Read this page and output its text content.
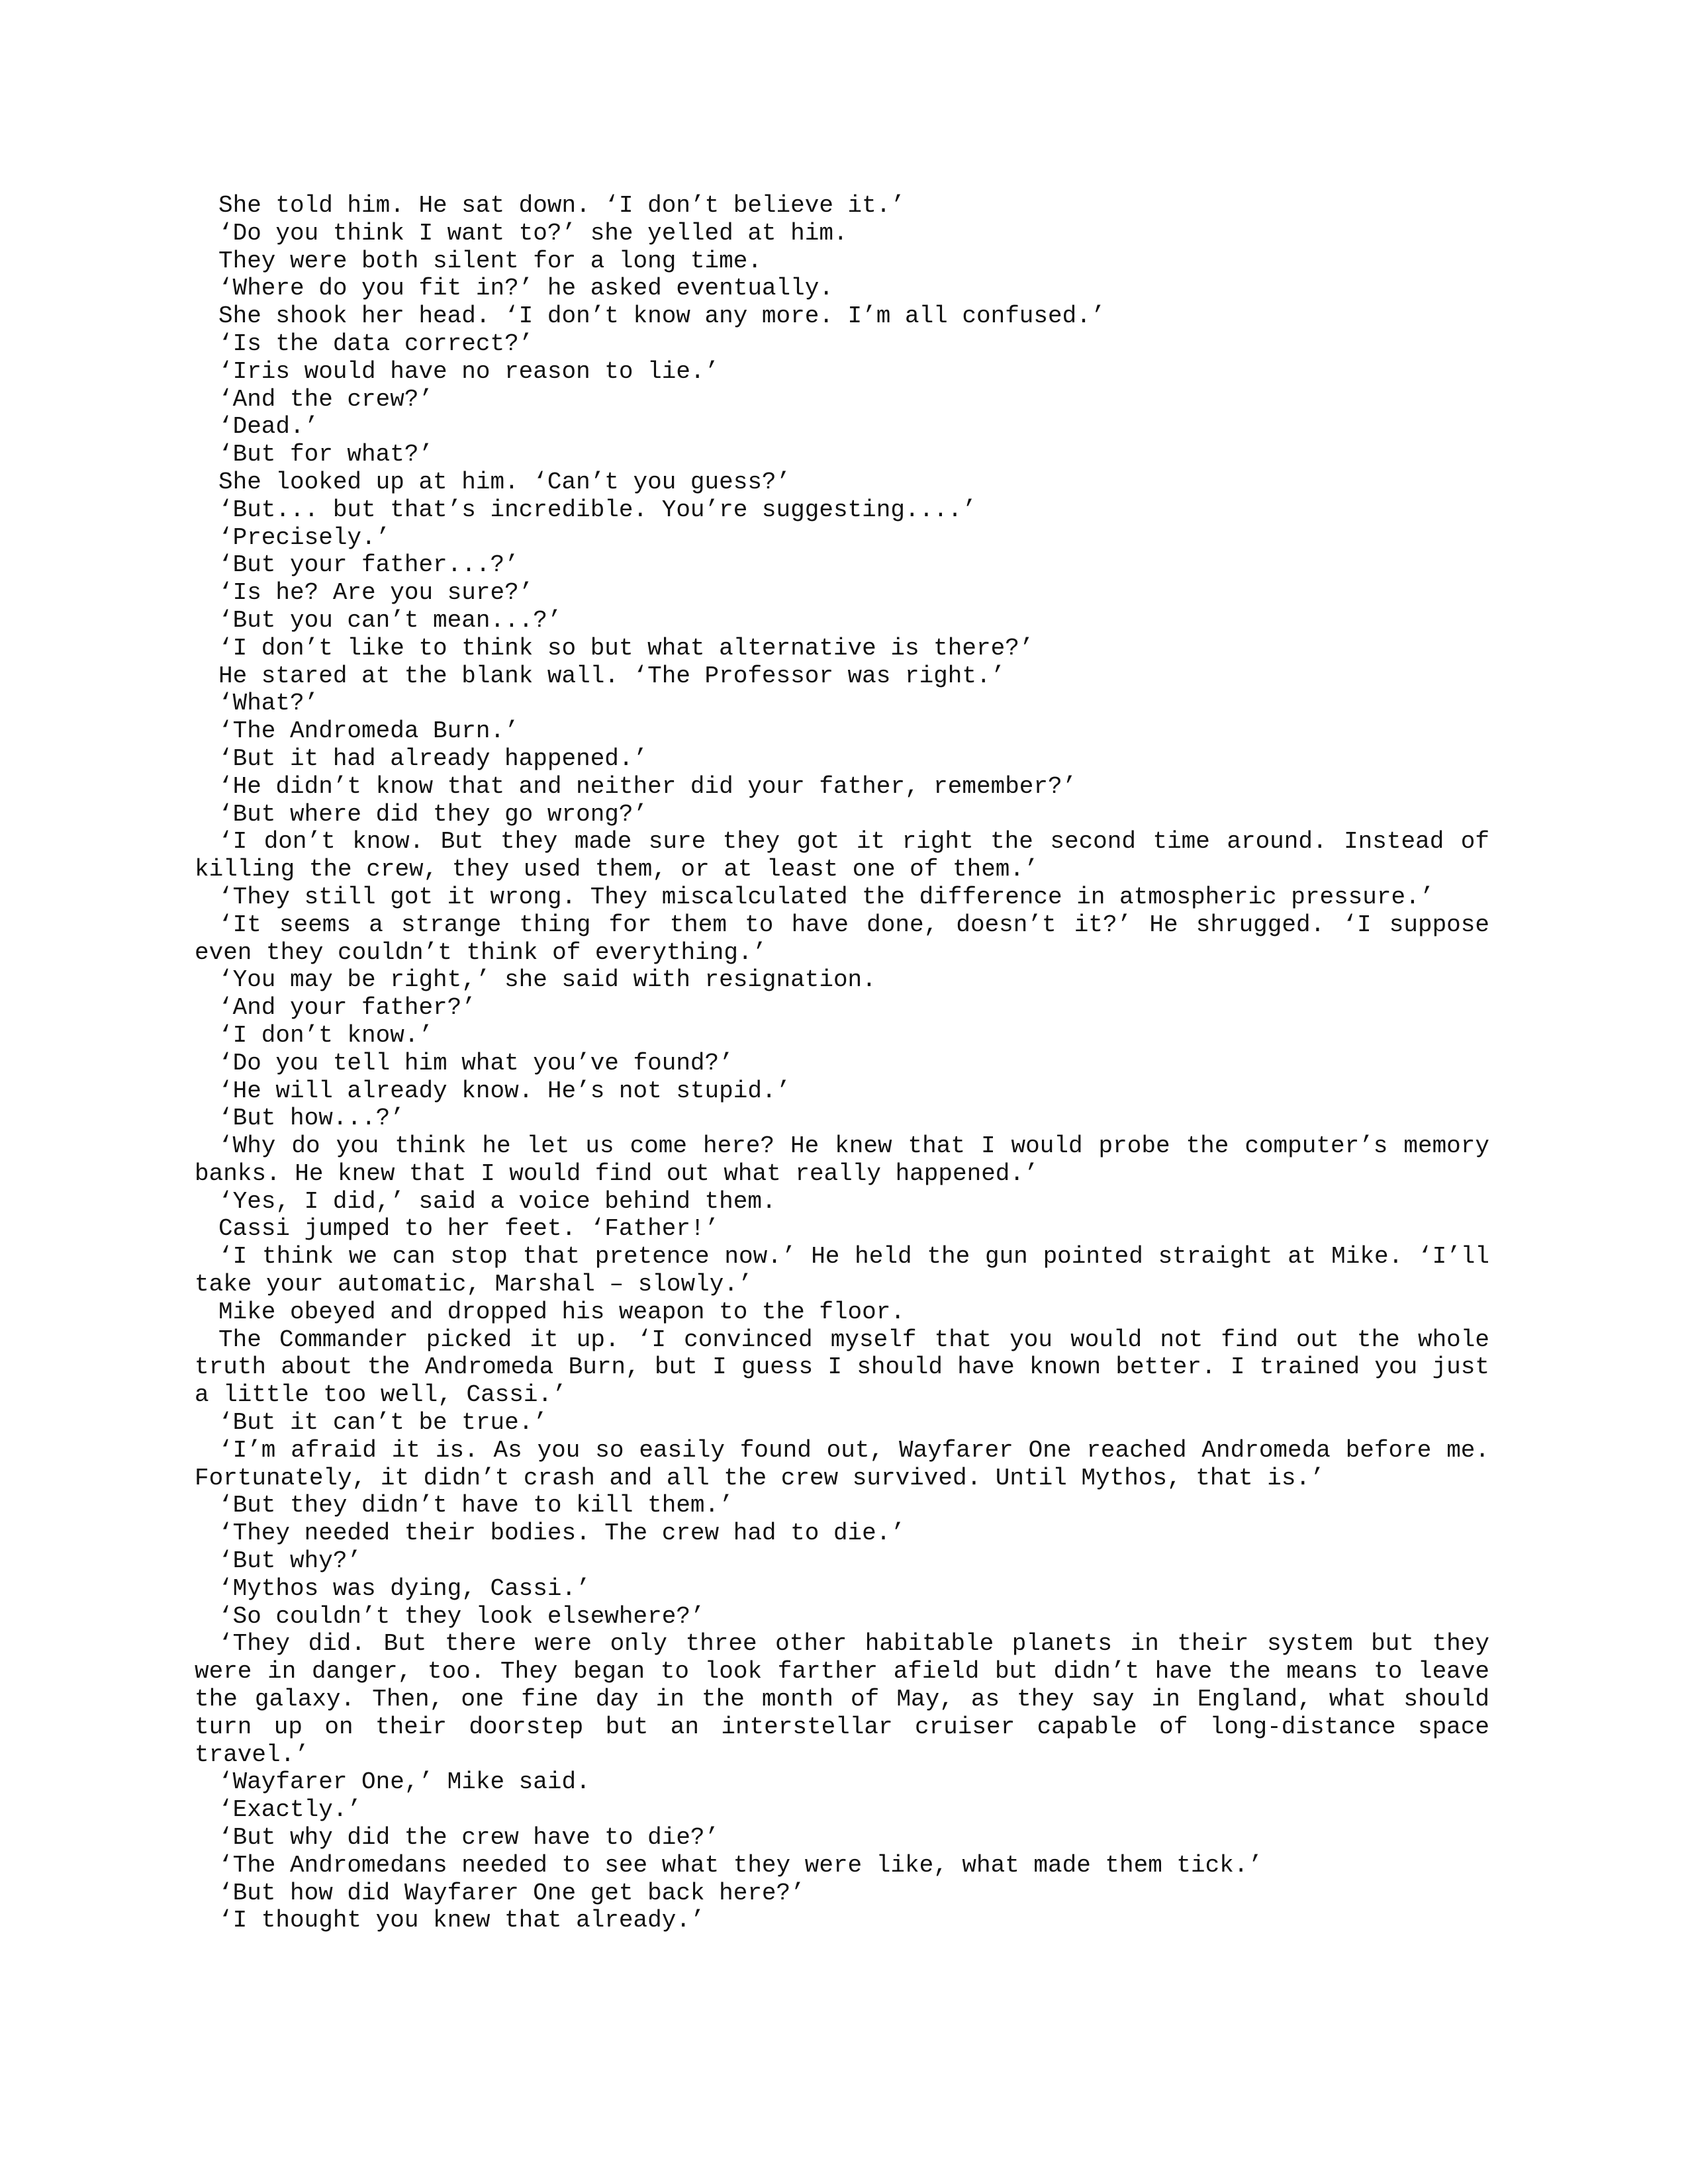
She told him. He sat down. ‘I don’t believe it.’

‘Do you think I want to?’ she yelled at him.

They were both silent for a long time.

‘Where do you fit in?’ he asked eventually.

She shook her head. ‘I don’t know any more. I’m all confused.’

‘Is the data correct?’

‘Iris would have no reason to lie.’

‘And the crew?’

‘Dead.’

‘But for what?’

She looked up at him. ‘Can’t you guess?’

‘But... but that’s incredible. You’re suggesting....’

‘Precisely.’

‘But your father...?’

‘Is he? Are you sure?’

‘But you can’t mean...?’

‘I don’t like to think so but what alternative is there?’

He stared at the blank wall. ‘The Professor was right.’

‘What?’

‘The Andromeda Burn.’

‘But it had already happened.’

‘He didn’t know that and neither did your father, remember?’

‘But where did they go wrong?’

‘I don’t know. But they made sure they got it right the second time around. Instead of killing the crew, they used them, or at least one of them.’

‘They still got it wrong. They miscalculated the difference in atmospheric pressure.’

‘It seems a strange thing for them to have done, doesn’t it?’ He shrugged. ‘I suppose even they couldn’t think of everything.’

‘You may be right,’ she said with resignation.

‘And your father?’

‘I don’t know.’

‘Do you tell him what you’ve found?’

‘He will already know. He’s not stupid.’

‘But how...?’

‘Why do you think he let us come here? He knew that I would probe the computer’s memory banks. He knew that I would find out what really happened.’

‘Yes, I did,’ said a voice behind them.

Cassi jumped to her feet. ‘Father!’

‘I think we can stop that pretence now.’ He held the gun pointed straight at Mike. ‘I’ll take your automatic, Marshal – slowly.’

Mike obeyed and dropped his weapon to the floor.

The Commander picked it up. ‘I convinced myself that you would not find out the whole truth about the Andromeda Burn, but I guess I should have known better. I trained you just a little too well, Cassi.’

‘But it can’t be true.’

‘I’m afraid it is. As you so easily found out, Wayfarer One reached Andromeda before me. Fortunately, it didn’t crash and all the crew survived. Until Mythos, that is.’

‘But they didn’t have to kill them.’

‘They needed their bodies. The crew had to die.’

‘But why?’

‘Mythos was dying, Cassi.’

‘So couldn’t they look elsewhere?’

‘They did. But there were only three other habitable planets in their system but they were in danger, too. They began to look farther afield but didn’t have the means to leave the galaxy. Then, one fine day in the month of May, as they say in England, what should turn up on their doorstep but an interstellar cruiser capable of long-distance space travel.’

‘Wayfarer One,’ Mike said.

‘Exactly.’

‘But why did the crew have to die?’

‘The Andromedans needed to see what they were like, what made them tick.’

‘But how did Wayfarer One get back here?’

‘I thought you knew that already.’
